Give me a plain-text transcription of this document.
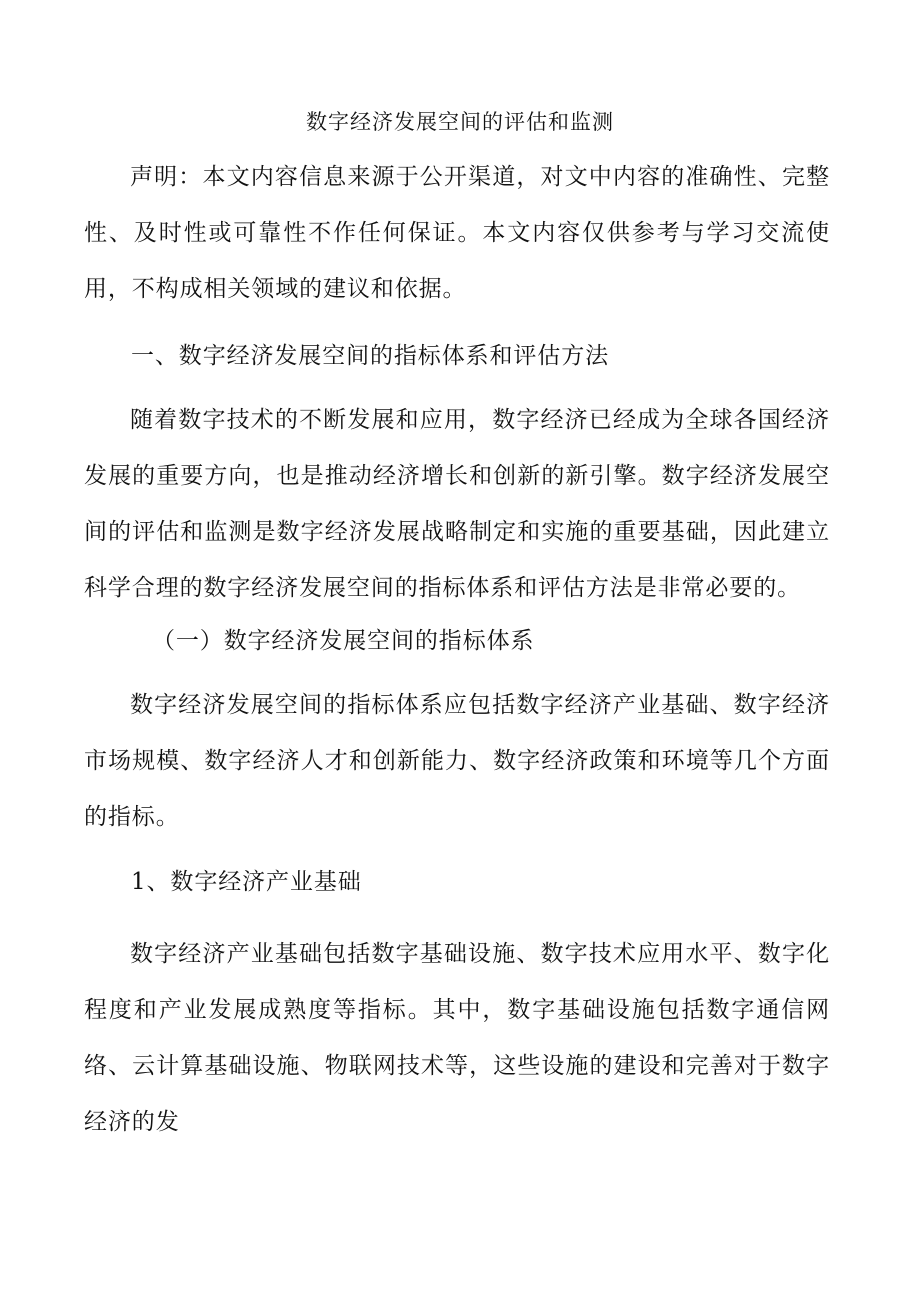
数字经济发展空间的评估和监测

声明：本文内容信息来源于公开渠道，对文中内容的准确性、完整性、及时性或可靠性不作任何保证。本文内容仅供参考与学习交流使用，不构成相关领域的建议和依据。

一、数字经济发展空间的指标体系和评估方法

随着数字技术的不断发展和应用，数字经济已经成为全球各国经济发展的重要方向，也是推动经济增长和创新的新引擎。数字经济发展空间的评估和监测是数字经济发展战略制定和实施的重要基础，因此建立科学合理的数字经济发展空间的指标体系和评估方法是非常必要的。

（一）数字经济发展空间的指标体系

数字经济发展空间的指标体系应包括数字经济产业基础、数字经济市场规模、数字经济人才和创新能力、数字经济政策和环境等几个方面的指标。

1、数字经济产业基础

数字经济产业基础包括数字基础设施、数字技术应用水平、数字化程度和产业发展成熟度等指标。其中，数字基础设施包括数字通信网络、云计算基础设施、物联网技术等，这些设施的建设和完善对于数字经济的发
